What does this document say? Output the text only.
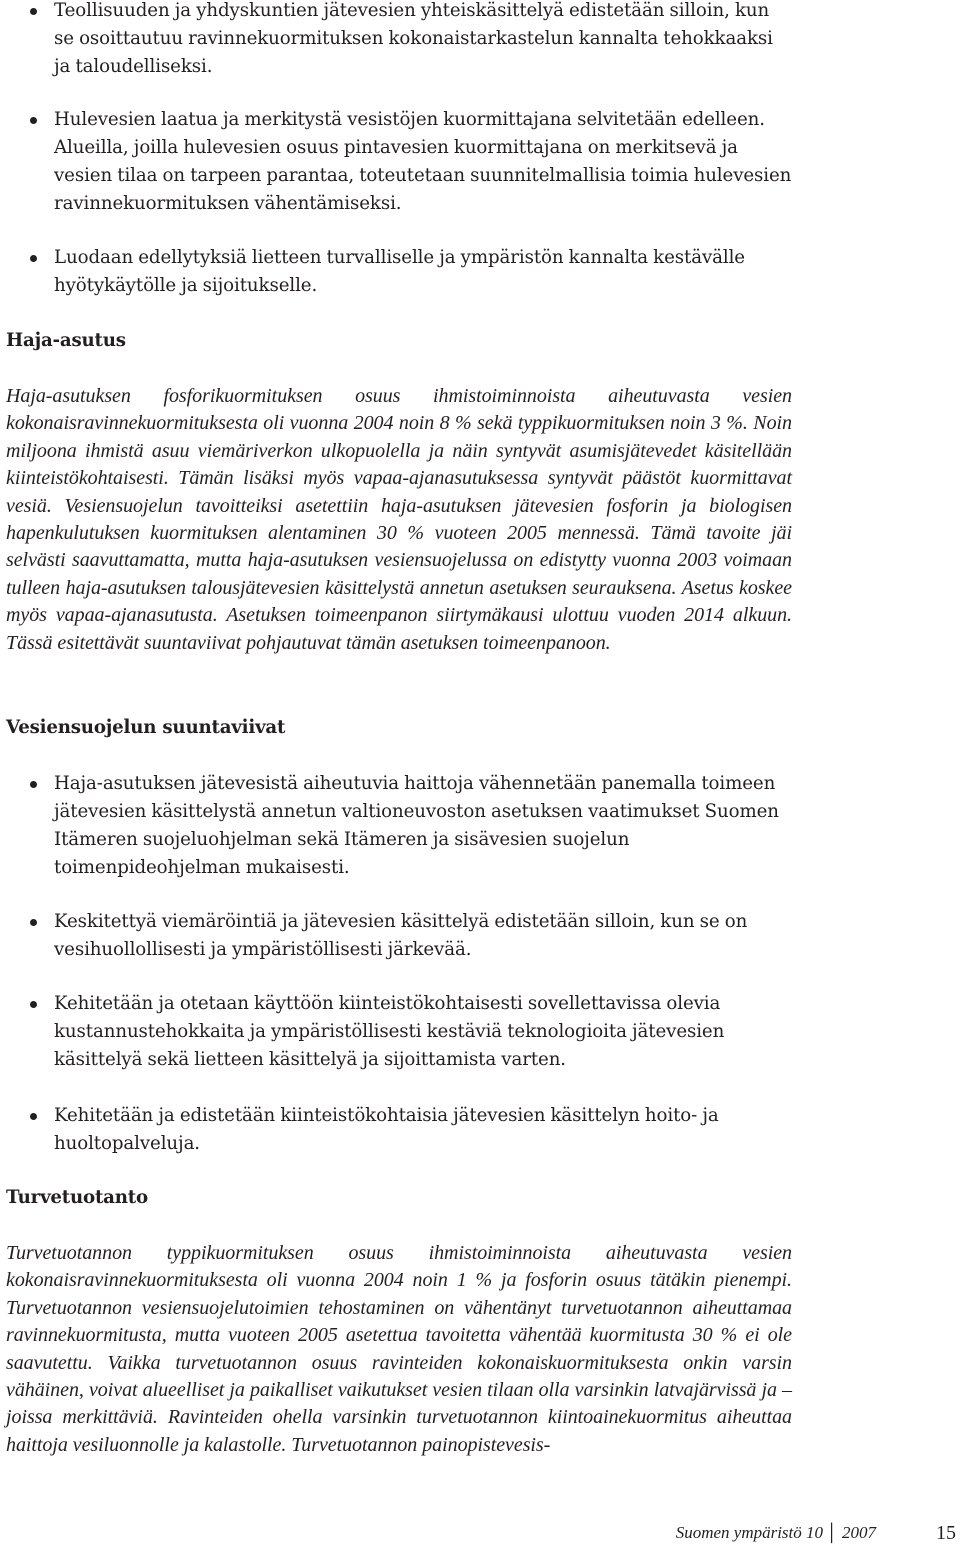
Teollisuuden ja yhdyskuntien jätevesien yhteiskäsittelyä edistetään silloin, kun se osoittautuu ravinnekuormituksen kokonaistarkastelun kannalta tehokkaaksi ja taloudelliseksi.
Hulevesien laatua ja merkitystä vesistöjen kuormittajana selvitetään edelleen. Alueilla, joilla hulevesien osuus pintavesien kuormittajana on merkitsevä ja vesien tilaa on tarpeen parantaa, toteutetaan suunnitelmallisia toimia hulevesien ravinnekuormituksen vähentämiseksi.
Luodaan edellytyksiä lietteen turvalliselle ja ympäristön kannalta kestävälle hyötykäytölle ja sijoitukselle.
Haja-asutus

Haja-asutuksen fosforikuormituksen osuus ihmistoiminnoista aiheutuvasta vesien kokonaisravinnekuormituksesta oli vuonna 2004 noin 8 % sekä typpikuormituksen noin 3 %. Noin miljoona ihmistä asuu viemäriverkon ulkopuolella ja näin syntyvät asumisjätevedet käsitellään kiinteistökohtaisesti. Tämän lisäksi myös vapaa-ajanasutuksessa syntyvät päästöt kuormittavat vesiä. Vesiensuojelun tavoitteiksi asetettiin haja-asutuksen jätevesien fosforin ja biologisen hapenkulutuksen kuormituksen alentaminen 30 % vuoteen 2005 mennessä. Tämä tavoite jäi selvästi saavuttamatta, mutta haja-asutuksen vesiensuojelussa on edistytty vuonna 2003 voimaan tulleen haja-asutuksen talousjätevesien käsittelystä annetun asetuksen seurauksena. Asetus koskee myös vapaa-ajanasutusta. Asetuksen toimeenpanon siirtymäkausi ulottuu vuoden 2014 alkuun. Tässä esitettävät suuntaviivat pohjautuvat tämän asetuksen toimeenpanoon.

Vesiensuojelun suuntaviivat
Haja-asutuksen jätevesistä aiheutuvia haittoja vähennetään panemalla toimeen jätevesien käsittelystä annetun valtioneuvoston asetuksen vaatimukset Suomen Itämeren suojeluohjelman sekä Itämeren ja sisävesien suojelun toimenpideohjelman mukaisesti.
Keskitettyä viemäröintiä ja jätevesien käsittelyä edistetään silloin, kun se on vesihuollollisesti ja ympäristöllisesti järkevää.
Kehitetään ja otetaan käyttöön kiinteistökohtaisesti sovellettavissa olevia kustannustehokkaita ja ympäristöllisesti kestäviä teknologioita jätevesien käsittelyä sekä lietteen käsittelyä ja sijoittamista varten.
Kehitetään ja edistetään kiinteistökohtaisia jätevesien käsittelyn hoito- ja huoltopalveluja.
Turvetuotanto

Turvetuotannon typpikuormituksen osuus ihmistoiminnoista aiheutuvasta vesien kokonaisravinnekuormituksesta oli vuonna 2004 noin 1 % ja fosforin osuus tätäkin pienempi. Turvetuotannon vesiensuojelutoimien tehostaminen on vähentänyt turvetuotannon aiheuttamaa ravinnekuormitusta, mutta vuoteen 2005 asetettua tavoitetta vähentää kuormitusta 30 % ei ole saavutettu. Vaikka turvetuotannon osuus ravinteiden kokonaiskuormituksesta onkin varsin vähäinen, voivat alueelliset ja paikalliset vaikutukset vesien tilaan olla varsinkin latvajärvissä ja –joissa merkittäviä. Ravinteiden ohella varsinkin turvetuotannon kiintoainekuormitus aiheuttaa haittoja vesiluonnolle ja kalastolle. Turvetuotannon painopistevesis-

Suomen ympäristö 10 │ 2007	15
